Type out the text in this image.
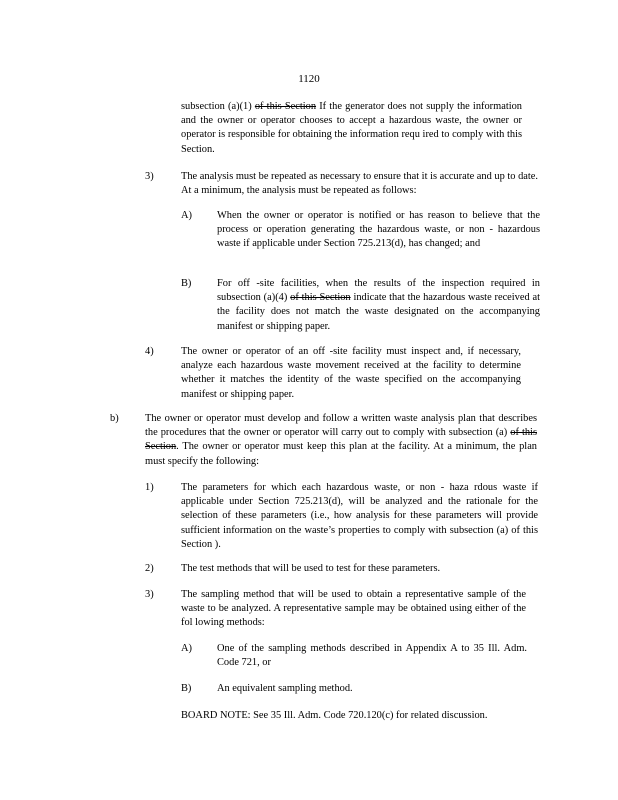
1120

subsection (a)(1) of this Section If the generator does not supply the information and the owner or operator chooses to accept a hazardous waste, the owner or operator is responsible for obtaining the information requ ired to comply with this Section.

3)	The analysis must be repeated as necessary to ensure that it is accurate and up to date. At a minimum, the analysis must be repeated as follows:

A) When the owner or operator is notified or has reason to believe that the process or operation generating the hazardous waste, or non - hazardous waste if applicable under Section 725.213(d), has changed; and

B) For off -site facilities, when the results of the inspection required in subsection (a)(4) of this Section indicate that the hazardous waste received at the facility does not match the waste designated on the accompanying manifest or shipping paper.

4)	The owner or operator of an off -site facility must inspect and, if necessary, analyze each hazardous waste movement received at the facility to determine whether it matches the identity of the waste specified on the accompanying manifest or shipping paper.

b)	The owner or operator must develop and follow a written waste analysis plan that describes the procedures that the owner or operator will carry out to comply with subsection (a) of this Section. The owner or operator must keep this plan at the facility. At a minimum, the plan must specify the following:

1)	The parameters for which each hazardous waste, or non - haza rdous waste if applicable under Section 725.213(d), will be analyzed and the rationale for the selection of these parameters (i.e., how analysis for these parameters will provide sufficient information on the waste’s properties to comply with subsection (a) of this Section ).

2)	The test methods that will be used to test for these parameters.

3)	The sampling method that will be used to obtain a representative sample of the waste to be analyzed. A representative sample may be obtained using either of the fol lowing methods:

A) One of the sampling methods described in Appendix A to 35 Ill. Adm. Code 721, or

B) An equivalent sampling method.

BOARD NOTE: See 35 Ill. Adm. Code 720.120(c) for related discussion.
